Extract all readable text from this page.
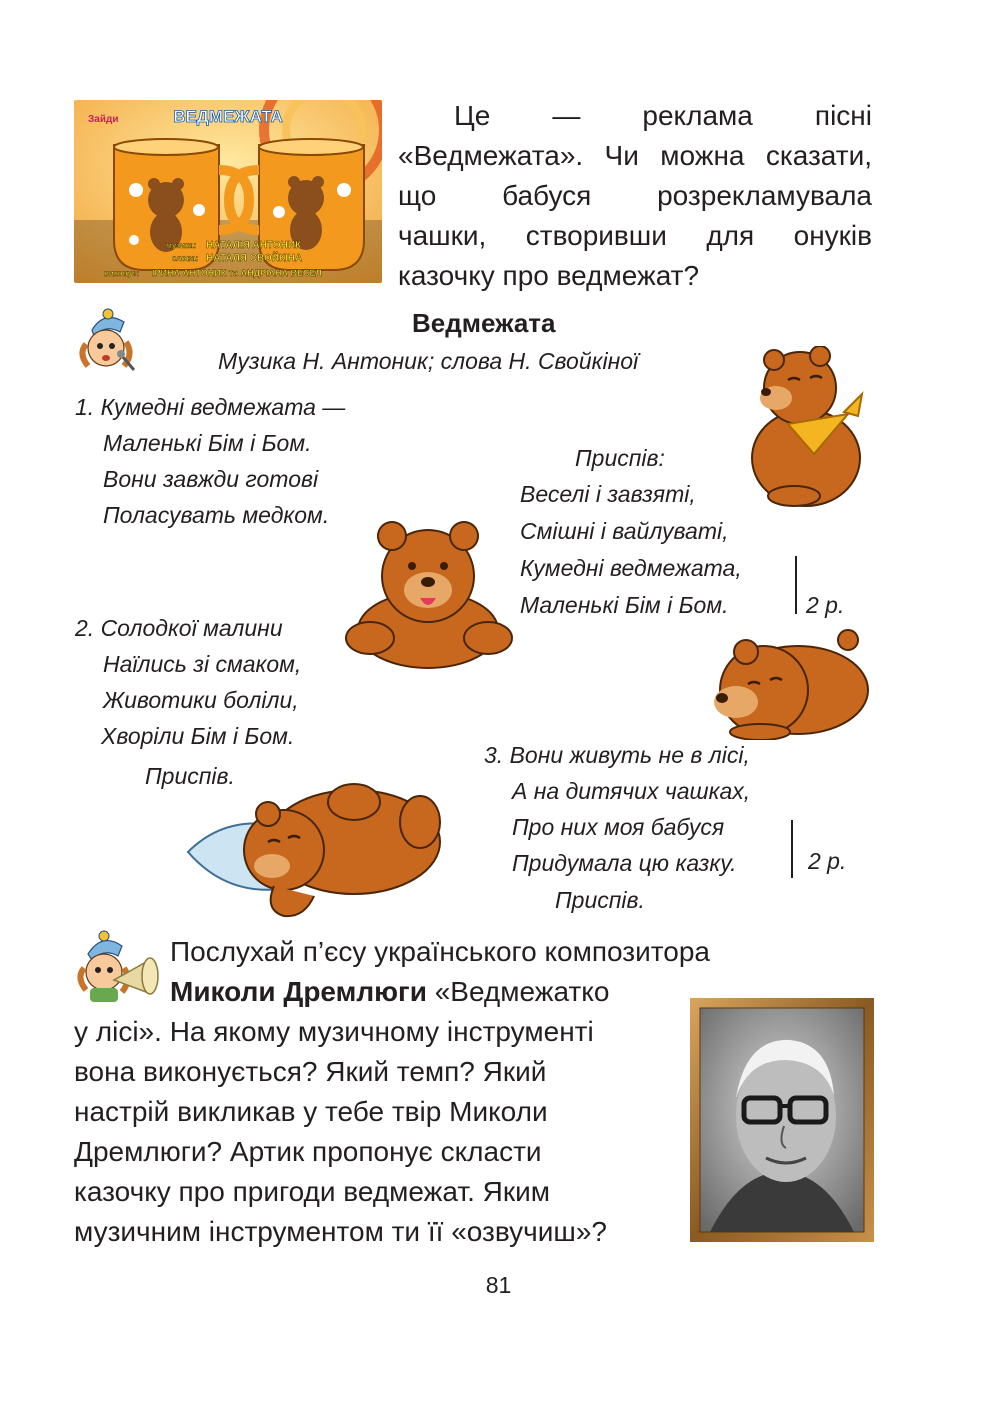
Зайди	ВЕДМЕЖАТА
музика: НАТАЛІЯ АНТОНИК
слова: НАТАЛЯ СВОЙКІНА
виконує: ІРИНА АНТОНИК та АНДРІАНА ВЕСЕЛ

Це — реклама пісні

«Ведмежата». Чи можна сказати,
що бабуся розрекламувала
чашки, створивши для онуків
казочку про ведмежат?
Ведмежата
Музика Н. Антоник; слова Н. Свойкіної
1. Кумедні ведмежата —
Маленькі Бім і Бом.
Вони завжди готові
Поласувать медком.
Приспів:
Веселі і завзяті,
Смішні і вайлуваті,
Кумедні ведмежата,
Маленькі Бім і Бом.	2 р.
2. Солодкої малини
Наїлись зі смаком,
Животики боліли,
Хворіли Бім і Бом.
Приспів.
3. Вони живуть не в лісі,
А на дитячих чашках,
Про них моя бабуся
Придумала цю казку.	2 р.
Приспів.
Послухай п’єсу українського композитора
Миколи Дремлюги «Ведмежатко
у лісі». На якому музичному інструменті
вона виконується? Який темп? Який
настрій викликав у тебе твір Миколи
Дремлюги? Артик пропонує скласти
казочку про пригоди ведмежат. Яким
музичним інструментом ти її «озвучиш»?
81
